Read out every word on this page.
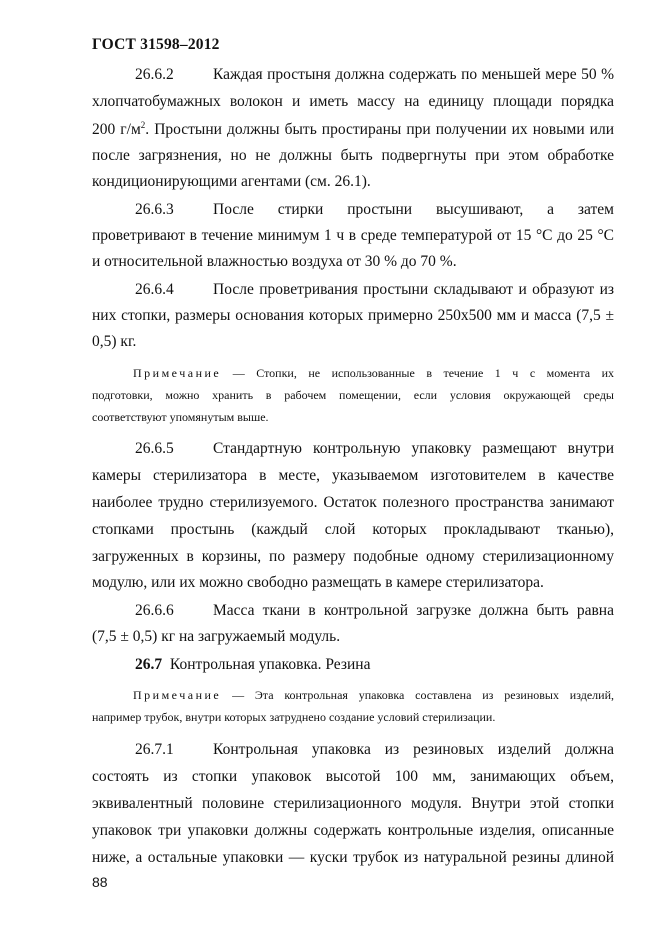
ГОСТ 31598–2012
26.6.2	Каждая простыня должна содержать по меньшей мере 50 %
хлопчатобумажных волокон и иметь массу на единицу площади порядка
200 $г/м^2$. Простыни должны быть простираны при получении их новыми или
после загрязнения, но не должны быть подвергнуты при этом обработке
кондиционирующими агентами (см. 26.1).
26.6.3	После стирки простыни высушивают, а затем
проветривают в течение минимум 1 ч в среде температурой от 15 °С до 25 °С
и относительной влажностью воздуха от 30 % до 70 %.
26.6.4	После проветривания простыни складывают и образуют из
них стопки, размеры основания которых примерно 250х500 мм и масса (7,5 ±
0,5) кг.
Примечание — Стопки, не использованные в течение 1 ч с момента их
подготовки, можно хранить в рабочем помещении, если условия окружающей среды
соответствуют упомянутым выше.
26.6.5	Стандартную контрольную упаковку размещают внутри
камеры стерилизатора в месте, указываемом изготовителем в качестве
наиболее трудно стерилизуемого. Остаток полезного пространства занимают
стопками простынь (каждый слой которых прокладывают тканью),
загруженных в корзины, по размеру подобные одному стерилизационному
модулю, или их можно свободно размещать в камере стерилизатора.
26.6.6	Масса ткани в контрольной загрузке должна быть равна
(7,5 ± 0,5) кг на загружаемый модуль.
26.7 Контрольная упаковка. Резина
Примечание — Эта контрольная упаковка составлена из резиновых изделий,
например трубок, внутри которых затруднено создание условий стерилизации.
26.7.1	Контрольная упаковка из резиновых изделий должна
состоять из стопки упаковок высотой 100 мм, занимающих объем,
эквивалентный половине стерилизационного модуля. Внутри этой стопки
упаковок три упаковки должны содержать контрольные изделия, описанные
ниже, а остальные упаковки — куски трубок из натуральной резины длиной
88
